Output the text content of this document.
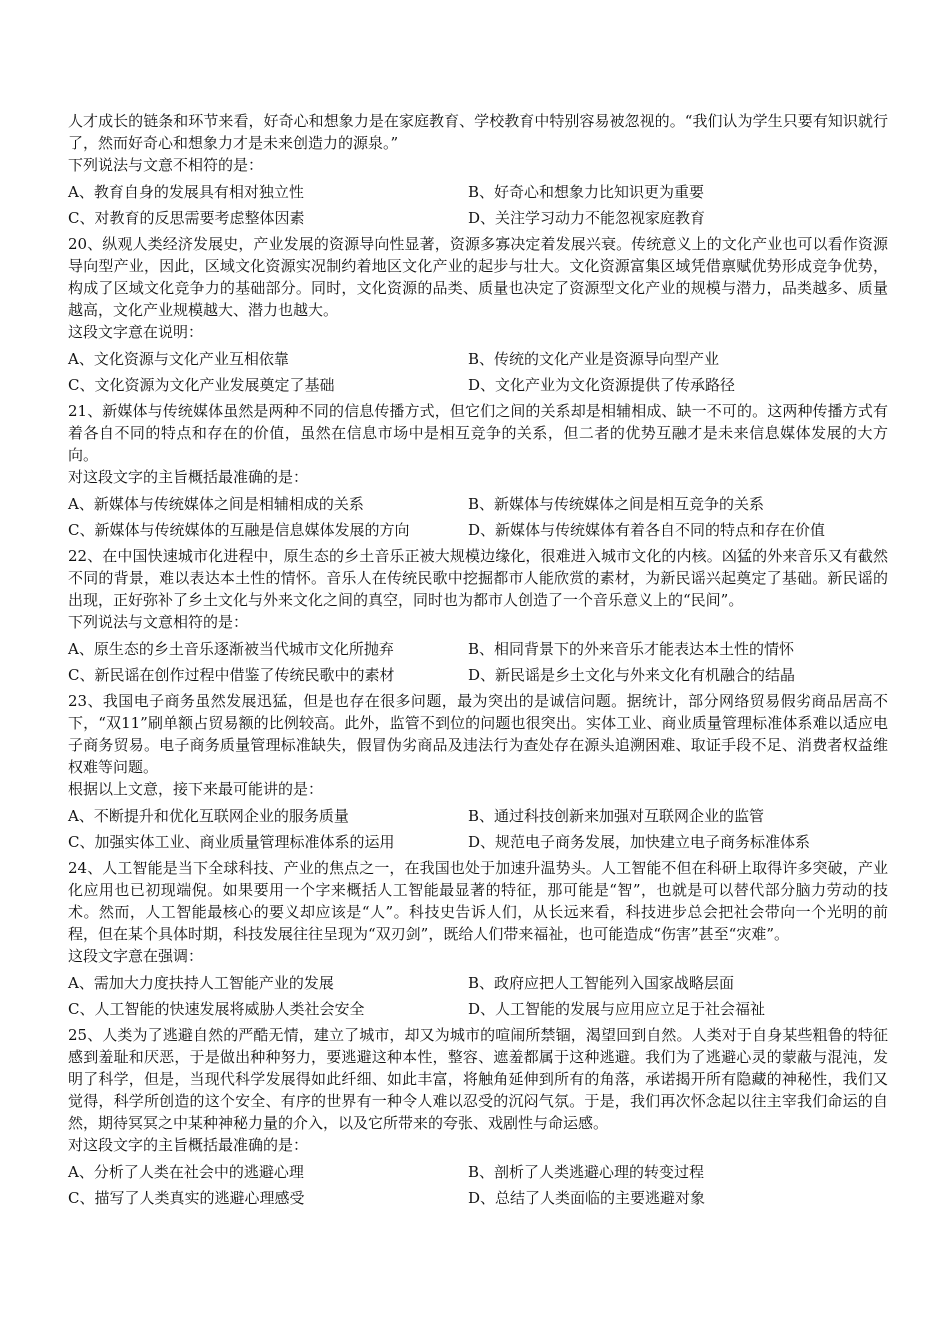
人才成长的链条和环节来看，好奇心和想象力是在家庭教育、学校教育中特别容易被忽视的。“我们认为学生只要有知识就行了，然而好奇心和想象力才是未来创造力的源泉。”

下列说法与文意不相符的是：

A、教育自身的发展具有相对独立性	B、好奇心和想象力比知识更为重要
C、对教育的反思需要考虑整体因素	D、关注学习动力不能忽视家庭教育

20、纵观人类经济发展史，产业发展的资源导向性显著，资源多寡决定着发展兴衰。传统意义上的文化产业也可以看作资源导向型产业，因此，区域文化资源实况制约着地区文化产业的起步与壮大。文化资源富集区域凭借禀赋优势形成竞争优势，构成了区域文化竞争力的基础部分。同时，文化资源的品类、质量也决定了资源型文化产业的规模与潜力，品类越多、质量越高，文化产业规模越大、潜力也越大。

这段文字意在说明：

A、文化资源与文化产业互相依靠	B、传统的文化产业是资源导向型产业
C、文化资源为文化产业发展奠定了基础	D、文化产业为文化资源提供了传承路径

21、新媒体与传统媒体虽然是两种不同的信息传播方式，但它们之间的关系却是相辅相成、缺一不可的。这两种传播方式有着各自不同的特点和存在的价值，虽然在信息市场中是相互竞争的关系，但二者的优势互融才是未来信息媒体发展的大方向。

对这段文字的主旨概括最准确的是：

A、新媒体与传统媒体之间是相辅相成的关系	B、新媒体与传统媒体之间是相互竞争的关系
C、新媒体与传统媒体的互融是信息媒体发展的方向	D、新媒体与传统媒体有着各自不同的特点和存在价值

22、在中国快速城市化进程中，原生态的乡土音乐正被大规模边缘化，很难进入城市文化的内核。凶猛的外来音乐又有截然不同的背景，难以表达本土性的情怀。音乐人在传统民歌中挖掘都市人能欣赏的素材，为新民谣兴起奠定了基础。新民谣的出现，正好弥补了乡土文化与外来文化之间的真空，同时也为都市人创造了一个音乐意义上的“民间”。

下列说法与文意相符的是：

A、原生态的乡土音乐逐渐被当代城市文化所抛弃	B、相同背景下的外来音乐才能表达本土性的情怀
C、新民谣在创作过程中借鉴了传统民歌中的素材	D、新民谣是乡土文化与外来文化有机融合的结晶

23、我国电子商务虽然发展迅猛，但是也存在很多问题，最为突出的是诚信问题。据统计，部分网络贸易假劣商品居高不下，“双11”刷单额占贸易额的比例较高。此外，监管不到位的问题也很突出。实体工业、商业质量管理标准体系难以适应电子商务贸易。电子商务质量管理标准缺失，假冒伪劣商品及违法行为查处存在源头追溯困难、取证手段不足、消费者权益维权难等问题。

根据以上文意，接下来最可能讲的是：

A、不断提升和优化互联网企业的服务质量	B、通过科技创新来加强对互联网企业的监管
C、加强实体工业、商业质量管理标准体系的运用	D、规范电子商务发展，加快建立电子商务标准体系

24、人工智能是当下全球科技、产业的焦点之一，在我国也处于加速升温势头。人工智能不但在科研上取得许多突破，产业化应用也已初现端倪。如果要用一个字来概括人工智能最显著的特征，那可能是“智”，也就是可以替代部分脑力劳动的技术。然而，人工智能最核心的要义却应该是“人”。科技史告诉人们，从长远来看，科技进步总会把社会带向一个光明的前程，但在某个具体时期，科技发展往往呈现为“双刃剑”，既给人们带来福祉，也可能造成“伤害”甚至“灾难”。

这段文字意在强调：

A、需加大力度扶持人工智能产业的发展	B、政府应把人工智能列入国家战略层面
C、人工智能的快速发展将威胁人类社会安全	D、人工智能的发展与应用应立足于社会福祉

25、人类为了逃避自然的严酷无情，建立了城市，却又为城市的喧闹所禁锢，渴望回到自然。人类对于自身某些粗鲁的特征感到羞耻和厌恶，于是做出种种努力，要逃避这种本性，整容、遮羞都属于这种逃避。我们为了逃避心灵的蒙蔽与混沌，发明了科学，但是，当现代科学发展得如此纤细、如此丰富，将触角延伸到所有的角落，承诺揭开所有隐藏的神秘性，我们又觉得，科学所创造的这个安全、有序的世界有一种令人难以忍受的沉闷气氛。于是，我们再次怀念起以往主宰我们命运的自然，期待冥冥之中某种神秘力量的介入，以及它所带来的夸张、戏剧性与命运感。

对这段文字的主旨概括最准确的是：

A、分析了人类在社会中的逃避心理	B、剖析了人类逃避心理的转变过程
C、描写了人类真实的逃避心理感受	D、总结了人类面临的主要逃避对象
